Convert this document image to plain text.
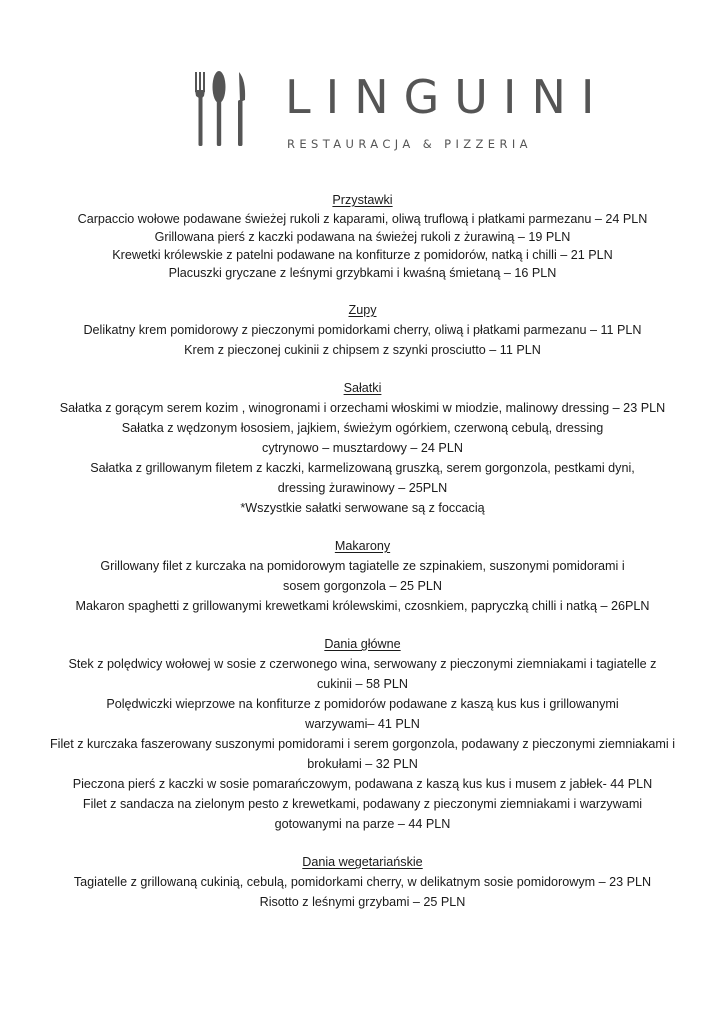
LINGUINI
RESTAURACJA & PIZZERIA

Przystawki

Carpaccio wołowe podawane świeżej rukoli z kaparami, oliwą truflową i płatkami parmezanu – 24 PLN

Grillowana pierś z kaczki podawana na świeżej rukoli z żurawiną – 19 PLN

Krewetki królewskie z patelni podawane na konfiturze z pomidorów, natką i chilli – 21 PLN

Placuszki gryczane z leśnymi grzybkami i kwaśną śmietaną – 16 PLN

Zupy

Delikatny krem pomidorowy z pieczonymi pomidorkami cherry, oliwą i płatkami parmezanu – 11 PLN

Krem z pieczonej cukinii z chipsem z szynki prosciutto – 11 PLN

Sałatki

Sałatka z gorącym serem kozim , winogronami i orzechami włoskimi w miodzie, malinowy dressing – 23 PLN

Sałatka z wędzonym łososiem, jajkiem, świeżym ogórkiem, czerwoną cebulą, dressing

cytrynowo – musztardowy – 24 PLN

Sałatka z grillowanym filetem z kaczki, karmelizowaną gruszką, serem gorgonzola, pestkami dyni,

dressing żurawinowy – 25PLN

*Wszystkie sałatki serwowane są z foccacią

Makarony

Grillowany filet z kurczaka na pomidorowym tagiatelle ze szpinakiem, suszonymi pomidorami i

sosem gorgonzola – 25 PLN

Makaron spaghetti z grillowanymi krewetkami królewskimi, czosnkiem, papryczką chilli i natką – 26PLN

Dania główne

Stek z polędwicy wołowej w sosie z czerwonego wina, serwowany z pieczonymi ziemniakami i tagiatelle z

cukinii – 58 PLN

Polędwiczki wieprzowe na konfiturze z pomidorów podawane z kaszą kus kus i grillowanymi

warzywami– 41 PLN

Filet z kurczaka faszerowany suszonymi pomidorami i serem gorgonzola, podawany z pieczonymi ziemniakami i

brokułami – 32 PLN

Pieczona pierś z kaczki w sosie pomarańczowym, podawana z kaszą kus kus i musem z jabłek- 44 PLN

Filet z sandacza na zielonym pesto z krewetkami, podawany z pieczonymi ziemniakami i warzywami

gotowanymi na parze – 44 PLN

Dania wegetariańskie

Tagiatelle z grillowaną cukinią, cebulą, pomidorkami cherry, w delikatnym sosie pomidorowym – 23 PLN

Risotto z leśnymi grzybami – 25 PLN
